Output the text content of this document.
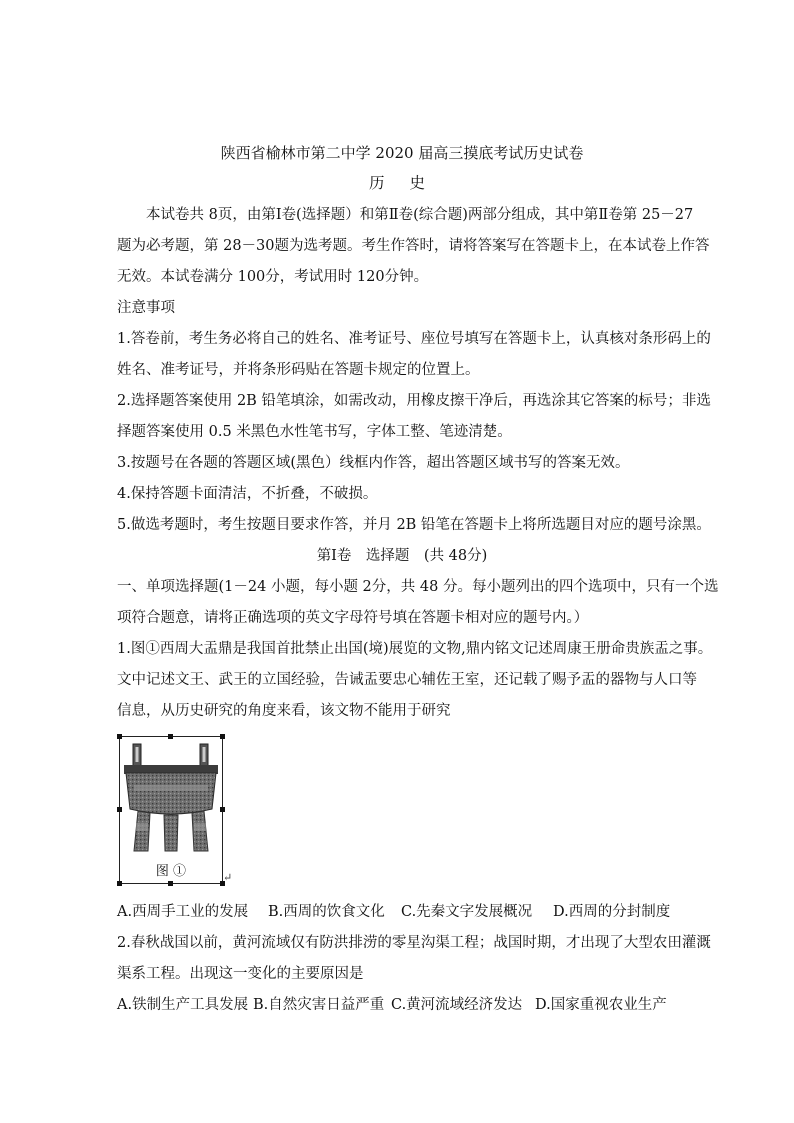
陕西省榆林市第二中学 2020 届高三摸底考试历史试卷
历 史
本试卷共 8页，由第Ⅰ卷(选择题）和第Ⅱ卷(综合题)两部分组成，其中第Ⅱ卷第 25－27
题为必考题，第 28－30题为选考题。考生作答时，请将答案写在答题卡上，在本试卷上作答
无效。本试卷满分 100分，考试用时 120分钟。
注意事项
1.答卷前，考生务必将自己的姓名、准考证号、座位号填写在答题卡上，认真核对条形码上的
姓名、准考证号，并将条形码贴在答题卡规定的位置上。
2.选择题答案使用 2B 铅笔填涂，如需改动，用橡皮擦干净后，再选涂其它答案的标号；非选
择题答案使用 0.5 米黑色水性笔书写，字体工整、笔迹清楚。
3.按题号在各题的答题区域(黑色）线框内作答，超出答题区域书写的答案无效。
4.保持答题卡面清洁，不折叠，不破损。
5.做选考题时，考生按题目要求作答，并月 2B 铅笔在答题卡上将所选题目对应的题号涂黑。
第Ⅰ卷　选择题　(共 48分)
一、单项选择题(1－24 小题，每小题 2分，共 48 分。每小题列出的四个选项中，只有一个选
项符合题意，请将正确选项的英文字母符号填在答题卡相对应的题号内。）
1.图①西周大盂鼎是我国首批禁止出国(境)展览的文物,鼎内铭文记述周康王册命贵族盂之事。
文中记述文王、武王的立国经验，告诫盂要忠心辅佐王室，还记载了赐予盂的器物与人口等
信息，从历史研究的角度来看，该文物不能用于研究
图 ①	↵
A.西周手工业的发展	B.西周的饮食文化	C.先秦文字发展概况	D.西周的分封制度
2.春秋战国以前，黄河流域仅有防洪排涝的零星沟渠工程；战国时期，才出现了大型农田灌溉
渠系工程。出现这一变化的主要原因是
A.铁制生产工具发展 B.自然灾害日益严重 C.黄河流域经济发达 D.国家重视农业生产
